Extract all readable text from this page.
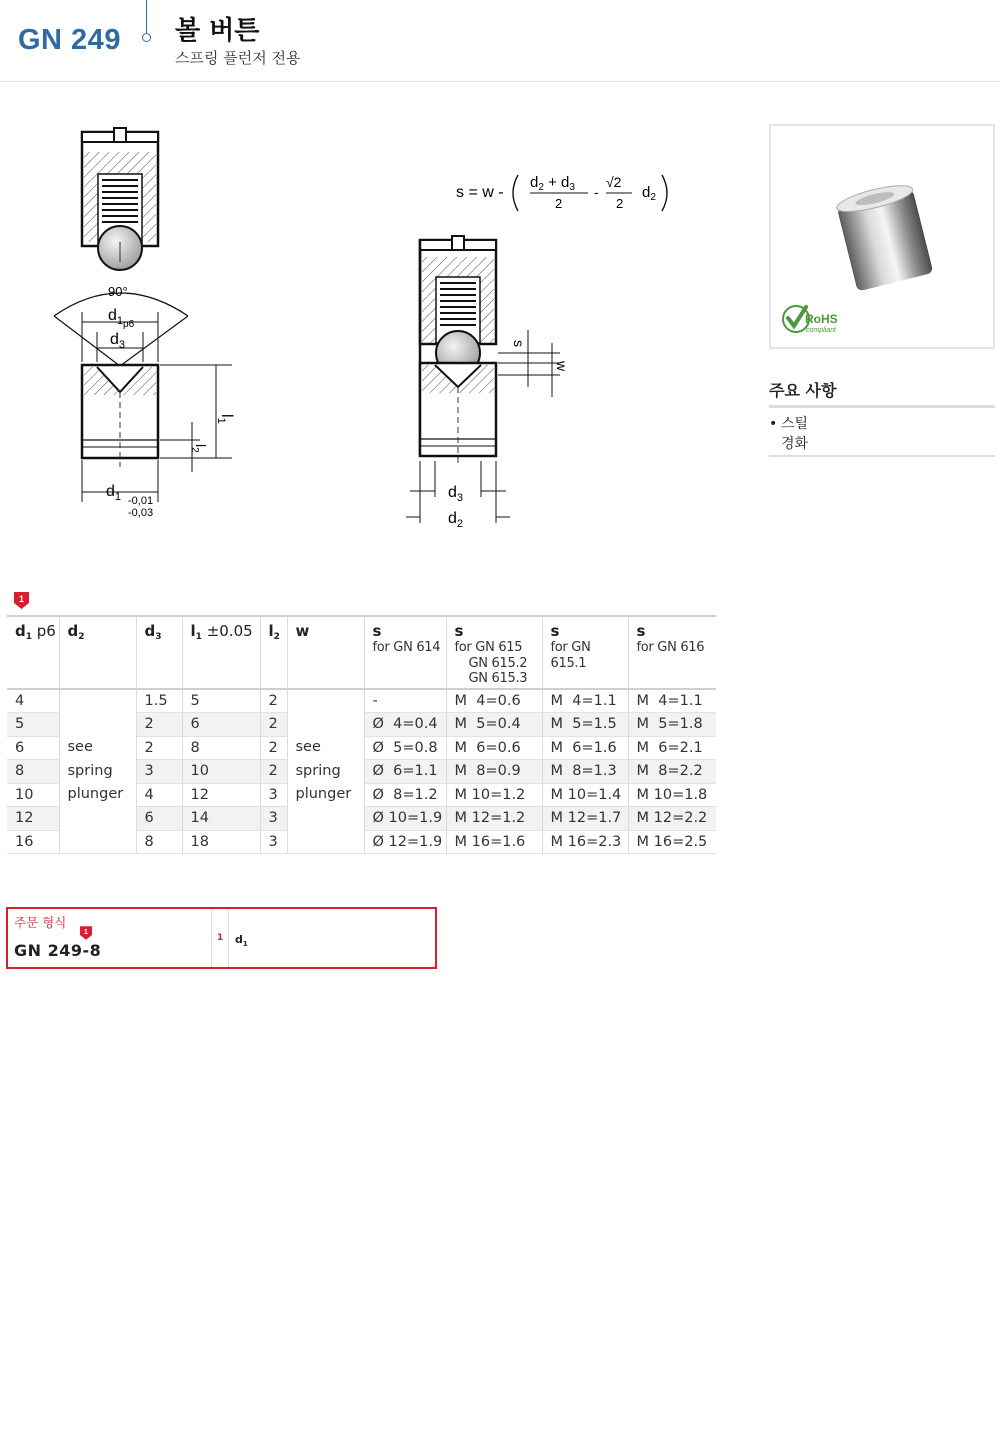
GN 249 볼 버튼
스프링 플런저 전용
90°
$d_1p6$
$d_3$
$l_1$
$l_2$
$d_1$ -0,01
-0,03
s = w -
$d_2 + d_3$
2
-
√2
2
$d_2$
s
w
$d_3$
$d_2$
RoHS
compliant
주요 사항
• 스틸
경화
1
$d_1$ p6	$d_2$	$d_3$	$l_1 \pm 0.05$	$l_2$	w	s
for GN 614	s
for GN 615
GN 615.2
GN 615.3	s
for GN 615.1	s
for GN 616

4	see
spring
plunger	1.5	5	2	see
spring
plunger	-	M  4=0.6	M  4=1.1	M  4=1.1
5		2	6	2		Ø  4=0.4	M  5=0.4	M  5=1.5	M  5=1.8
6		2	8	2		Ø  5=0.8	M  6=0.6	M  6=1.6	M  6=2.1
8		3	10	2		Ø  6=1.1	M  8=0.9	M  8=1.3	M  8=2.2
10		4	12	3		Ø  8=1.2	M 10=1.2	M 10=1.4	M 10=1.8
12		6	14	3		Ø 10=1.9	M 12=1.2	M 12=1.7	M 12=2.2
16		8	18	3		Ø 12=1.9	M 16=1.6	M 16=2.3	M 16=2.5
주문 형식
1
GN 249-8
1 $d_1$
